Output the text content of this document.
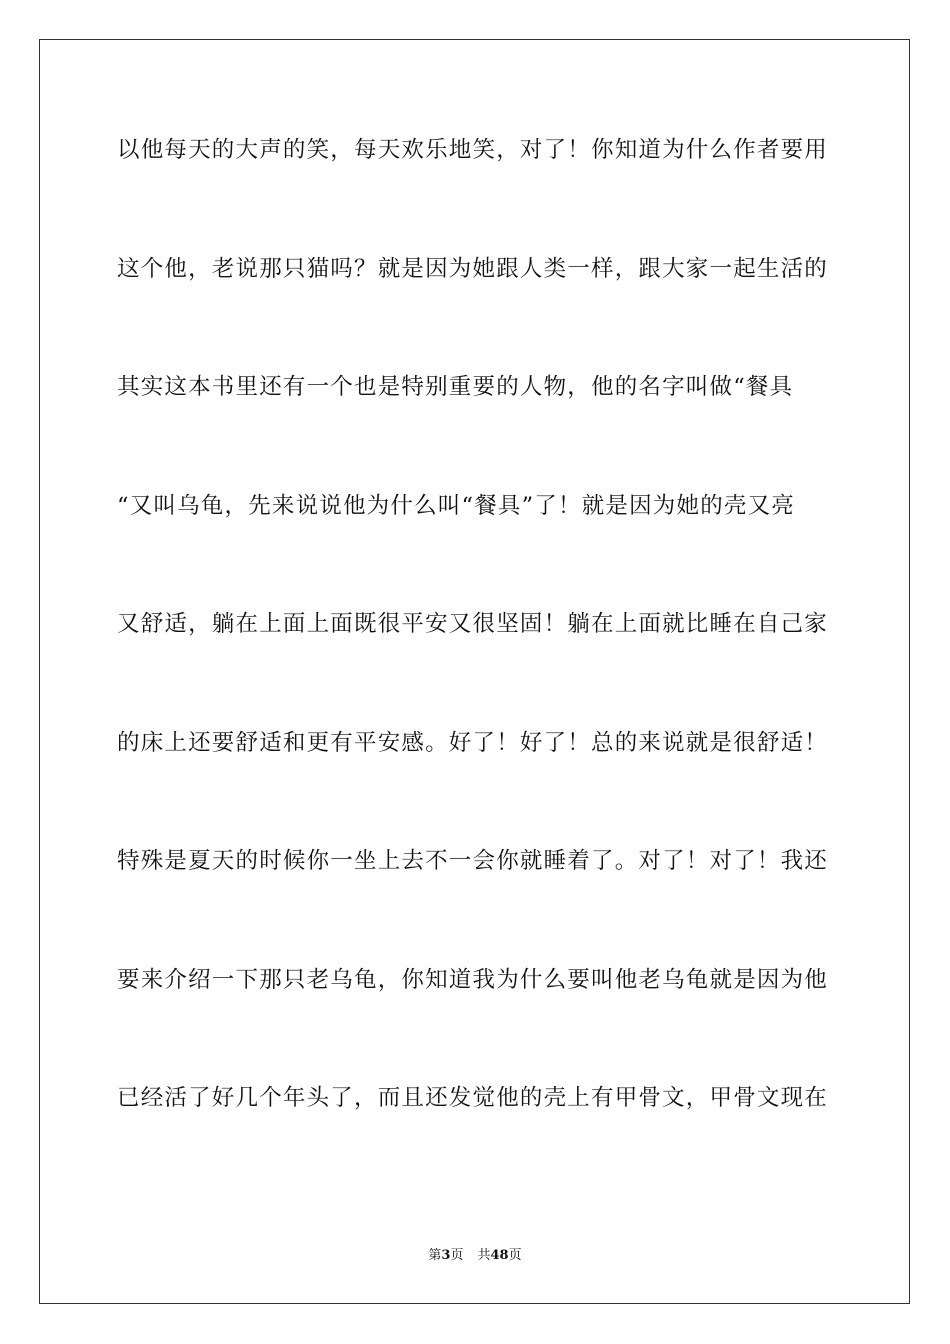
以他每天的大声的笑，每天欢乐地笑，对了！你知道为什么作者要用
这个他，老说那只猫吗？就是因为她跟人类一样，跟大家一起生活的
其实这本书里还有一个也是特别重要的人物，他的名字叫做“餐具
“又叫乌龟，先来说说他为什么叫“餐具”了！就是因为她的壳又亮
又舒适，躺在上面上面既很平安又很坚固！躺在上面就比睡在自己家
的床上还要舒适和更有平安感。好了！好了！总的来说就是很舒适！
特殊是夏天的时候你一坐上去不一会你就睡着了。对了！对了！我还
要来介绍一下那只老乌龟，你知道我为什么要叫他老乌龟就是因为他
已经活了好几个年头了，而且还发觉他的壳上有甲骨文，甲骨文现在
第3页 共48页
